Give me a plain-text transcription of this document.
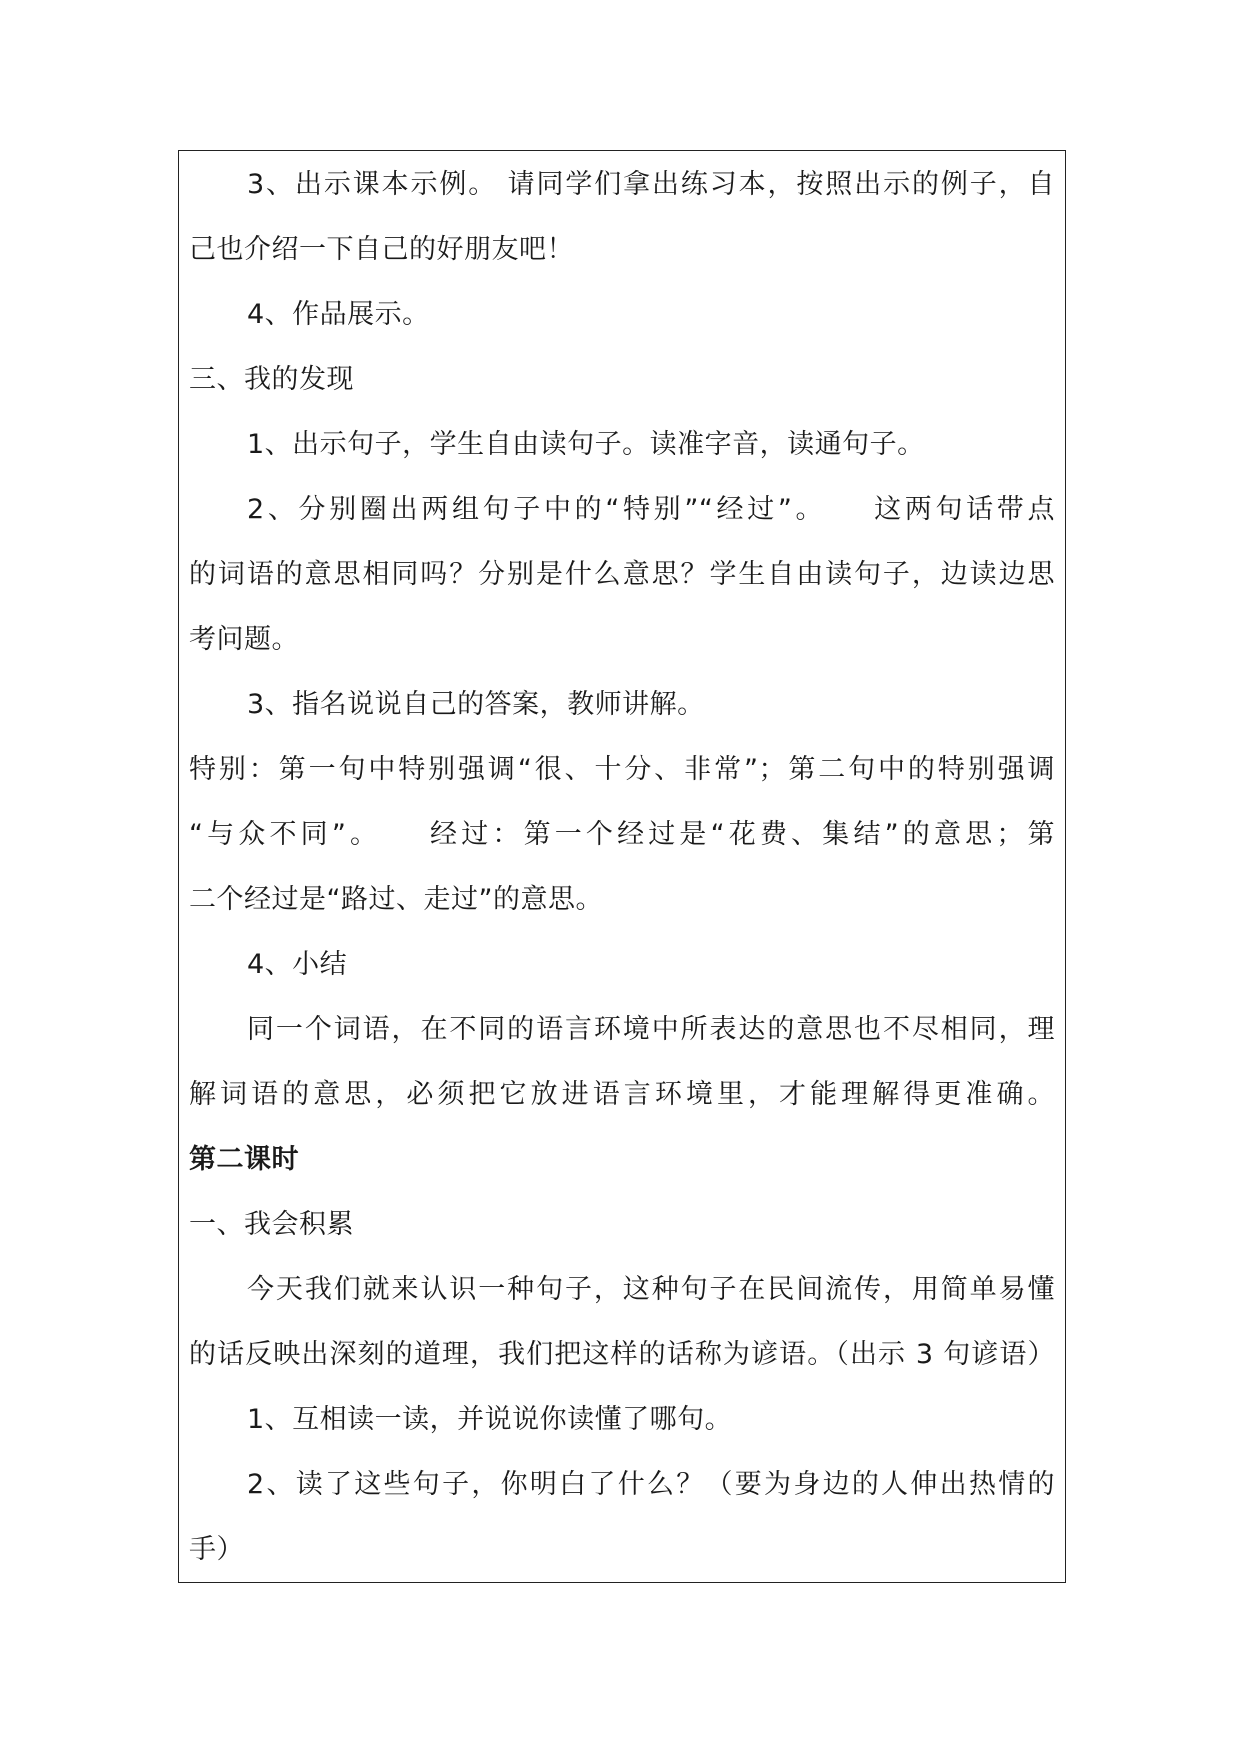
3、出示课本示例。 请同学们拿出练习本，按照出示的例子，自
己也介绍一下自己的好朋友吧！
4、作品展示。
三、我的发现
1、出示句子，学生自由读句子。读准字音，读通句子。
2、分别圈出两组句子中的“特别”“经过”。　　这两句话带点
的词语的意思相同吗？分别是什么意思？学生自由读句子，边读边思
考问题。
3、指名说说自己的答案，教师讲解。
特别：第一句中特别强调“很、十分、非常”；第二句中的特别强调
“与众不同”。　　经过：第一个经过是“花费、集结”的意思；第
二个经过是“路过、走过”的意思。
4、小结
同一个词语，在不同的语言环境中所表达的意思也不尽相同，理
解词语的意思，必须把它放进语言环境里，才能理解得更准确。
第二课时
一、我会积累
今天我们就来认识一种句子，这种句子在民间流传，用简单易懂
的话反映出深刻的道理，我们把这样的话称为谚语。（出示 3 句谚语）
1、互相读一读，并说说你读懂了哪句。
2、读了这些句子，你明白了什么？（要为身边的人伸出热情的
手）
